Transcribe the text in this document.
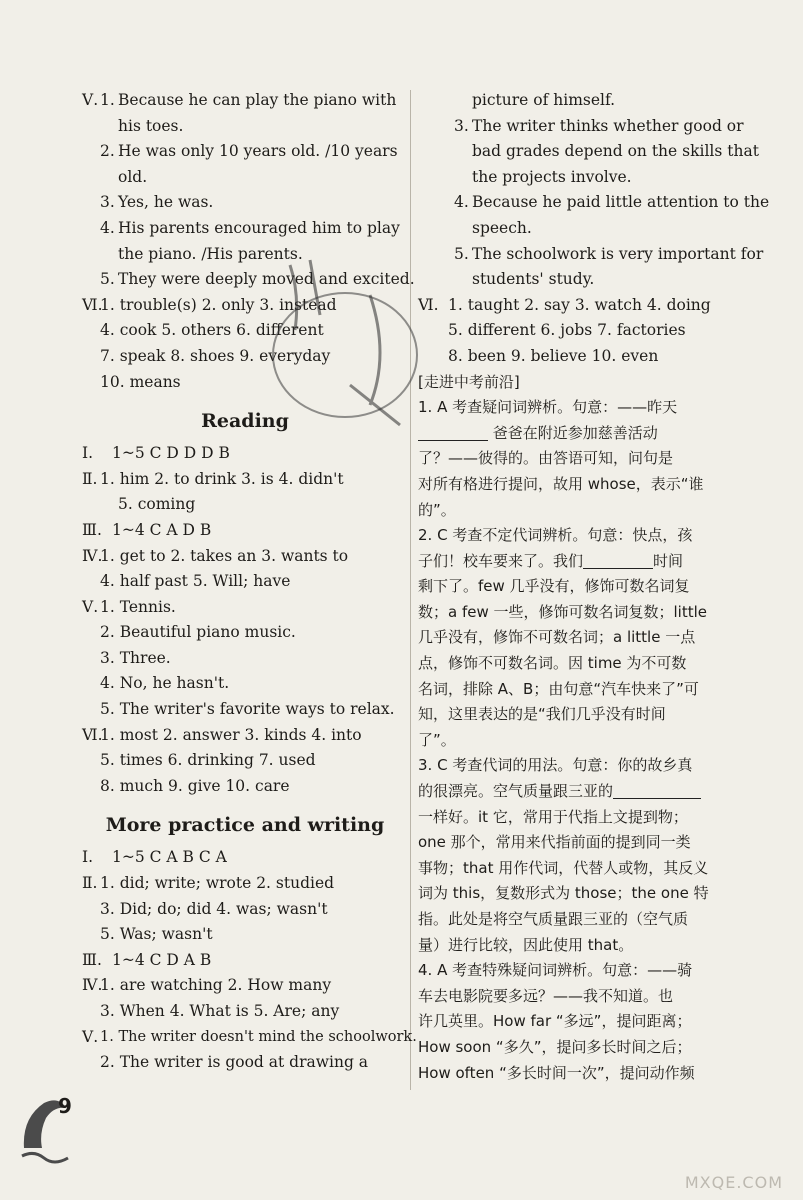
Ⅴ. 1. Because he can play the piano with
his toes.
2. He was only 10 years old. /10 years
old.
3. Yes, he was.
4. His parents encouraged him to play
the piano. /His parents.
5. They were deeply moved and excited.
Ⅵ.
1. trouble(s) 2. only 3. instead
4. cook 5. others 6. different
7. speak 8. shoes 9. everyday
10. means
Reading
Ⅰ. 1~5 C D D D B
Ⅱ. 1. him 2. to drink 3. is 4. didn't
5. coming
Ⅲ. 1~4 C A D B
Ⅳ.
1. get to 2. takes an 3. wants to
4. half past 5. Will; have
Ⅴ. 1. Tennis.
2. Beautiful piano music.
3. Three.
4. No, he hasn't.
5. The writer's favorite ways to relax.
Ⅵ.
1. most 2. answer 3. kinds 4. into
5. times 6. drinking 7. used
8. much 9. give 10. care
More practice and writing
Ⅰ. 1~5 C A B C A
Ⅱ. 1. did; write; wrote 2. studied
3. Did; do; did 4. was; wasn't
5. Was; wasn't
Ⅲ. 1~4 C D A B
Ⅳ.
1. are watching 2. How many
3. When 4. What is 5. Are; any
Ⅴ. 1. The writer doesn't mind the schoolwork.
2. The writer is good at drawing a
picture of himself.
3. The writer thinks whether good or
bad grades depend on the skills that
the projects involve.
4. Because he paid little attention to the
speech.
5. The schoolwork is very important for
students' study.
Ⅵ. 1. taught 2. say 3. watch 4. doing
5. different 6. jobs 7. factories
8. been 9. believe 10. even
[走进中考前沿]
1. A 考查疑问词辨析。句意：——昨天
爸爸在附近参加慈善活动
了？——彼得的。由答语可知，问句是
对所有格进行提问，故用 whose，表示“谁
的”。
2. C 考查不定代词辨析。句意：快点，孩
子们！校车要来了。我们	时间
剩下了。few 几乎没有，修饰可数名词复
数；a few 一些，修饰可数名词复数；little
几乎没有，修饰不可数名词；a little 一点
点，修饰不可数名词。因 time 为不可数
名词，排除 A、B；由句意“汽车快来了”可
知，这里表达的是“我们几乎没有时间
了”。
3. C 考查代词的用法。句意：你的故乡真
的很漂亮。空气质量跟三亚的
一样好。it 它，常用于代指上文提到物；
one 那个，常用来代指前面的提到同一类
事物；that 用作代词，代替人或物，其反义
词为 this，复数形式为 those；the one 特
指。此处是将空气质量跟三亚的（空气质
量）进行比较，因此使用 that。
4. A 考查特殊疑问词辨析。句意：——骑
车去电影院要多远？——我不知道。也
许几英里。How far “多远”，提问距离；
How soon “多久”，提问多长时间之后；
How often “多长时间一次”，提问动作频
9
MXQE.COM
